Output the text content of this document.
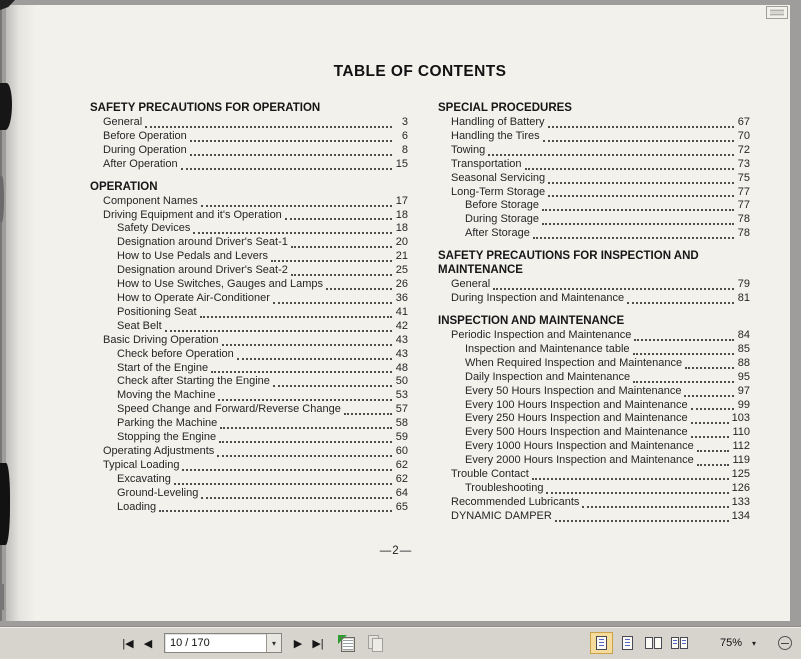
TABLE OF CONTENTS
SAFETY PRECAUTIONS FOR OPERATION
General	3
Before Operation	6
During Operation	8
After Operation	15
OPERATION
Component Names	17
Driving Equipment and it's Operation	18
Safety Devices	18
Designation around Driver's Seat-1	20
How to Use Pedals and Levers	21
Designation around Driver's Seat-2	25
How to Use Switches, Gauges and Lamps	26
How to Operate Air-Conditioner	36
Positioning Seat	41
Seat Belt	42
Basic Driving Operation	43
Check before Operation	43
Start of the Engine	48
Check after Starting the Engine	50
Moving the Machine	53
Speed Change and Forward/Reverse Change	57
Parking the Machine	58
Stopping the Engine	59
Operating Adjustments	60
Typical Loading	62
Excavating	62
Ground-Leveling	64
Loading	65
SPECIAL PROCEDURES
Handling of Battery	67
Handling the Tires	70
Towing	72
Transportation	73
Seasonal Servicing	75
Long-Term Storage	77
Before Storage	77
During Storage	78
After Storage	78
SAFETY PRECAUTIONS FOR INSPECTION AND MAINTENANCE
General	79
During Inspection and Maintenance	81
INSPECTION AND MAINTENANCE
Periodic Inspection and Maintenance	84
Inspection and Maintenance table	85
When Required Inspection and Maintenance	88
Daily Inspection and Maintenance	95
Every 50 Hours Inspection and Maintenance	97
Every 100 Hours Inspection and Maintenance	99
Every 250 Hours Inspection and Maintenance	103
Every 500 Hours Inspection and Maintenance	110
Every 1000 Hours Inspection and Maintenance	112
Every 2000 Hours Inspection and Maintenance	119
Trouble Contact	125
Troubleshooting	126
Recommended Lubricants	133
DYNAMIC DAMPER	134
—2—
|◀ ◀
10 / 170	▾	▶ ▶|	75% ▾
